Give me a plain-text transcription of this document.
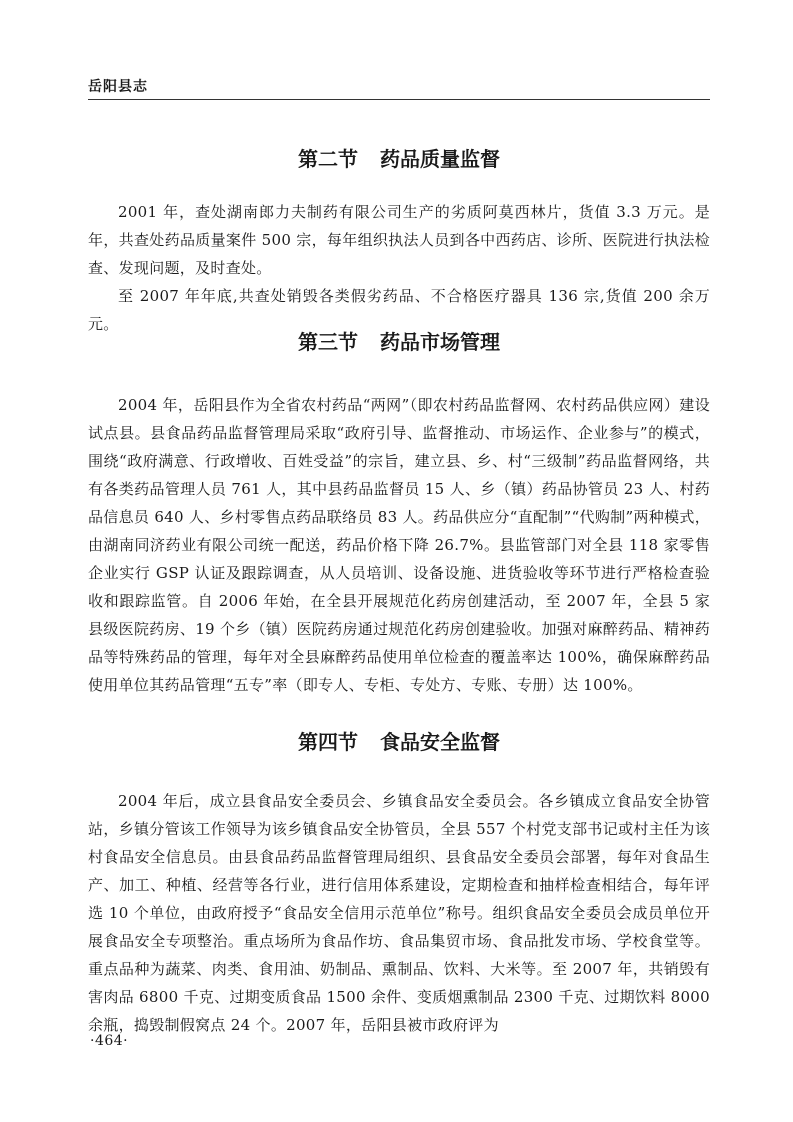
岳阳县志
第二节 药品质量监督

2001 年，查处湖南郎力夫制药有限公司生产的劣质阿莫西林片，货值 3.3 万元。是年，共查处药品质量案件 500 宗，每年组织执法人员到各中西药店、诊所、医院进行执法检查、发现问题，及时查处。

至 2007 年年底,共查处销毁各类假劣药品、不合格医疗器具 136 宗,货值 200 余万元。

第三节 药品市场管理

2004 年，岳阳县作为全省农村药品“两网”（即农村药品监督网、农村药品供应网）建设试点县。县食品药品监督管理局采取“政府引导、监督推动、市场运作、企业参与”的模式，围绕“政府满意、行政增收、百姓受益”的宗旨，建立县、乡、村“三级制”药品监督网络，共有各类药品管理人员 761 人，其中县药品监督员 15 人、乡（镇）药品协管员 23 人、村药品信息员 640 人、乡村零售点药品联络员 83 人。药品供应分“直配制”“代购制”两种模式，由湖南同济药业有限公司统一配送，药品价格下降 26.7%。县监管部门对全县 118 家零售企业实行 GSP 认证及跟踪调查，从人员培训、设备设施、进货验收等环节进行严格检查验收和跟踪监管。自 2006 年始，在全县开展规范化药房创建活动，至 2007 年，全县 5 家县级医院药房、19 个乡（镇）医院药房通过规范化药房创建验收。加强对麻醉药品、精神药品等特殊药品的管理，每年对全县麻醉药品使用单位检查的覆盖率达 100%，确保麻醉药品使用单位其药品管理“五专”率（即专人、专柜、专处方、专账、专册）达 100%。

第四节 食品安全监督

2004 年后，成立县食品安全委员会、乡镇食品安全委员会。各乡镇成立食品安全协管站，乡镇分管该工作领导为该乡镇食品安全协管员，全县 557 个村党支部书记或村主任为该村食品安全信息员。由县食品药品监督管理局组织、县食品安全委员会部署，每年对食品生产、加工、种植、经营等各行业，进行信用体系建设，定期检查和抽样检查相结合，每年评选 10 个单位，由政府授予“食品安全信用示范单位”称号。组织食品安全委员会成员单位开展食品安全专项整治。重点场所为食品作坊、食品集贸市场、食品批发市场、学校食堂等。重点品种为蔬菜、肉类、食用油、奶制品、熏制品、饮料、大米等。至 2007 年，共销毁有害肉品 6800 千克、过期变质食品 1500 余件、变质烟熏制品 2300 千克、过期饮料 8000 余瓶，捣毁制假窝点 24 个。2007 年，岳阳县被市政府评为

·464·
